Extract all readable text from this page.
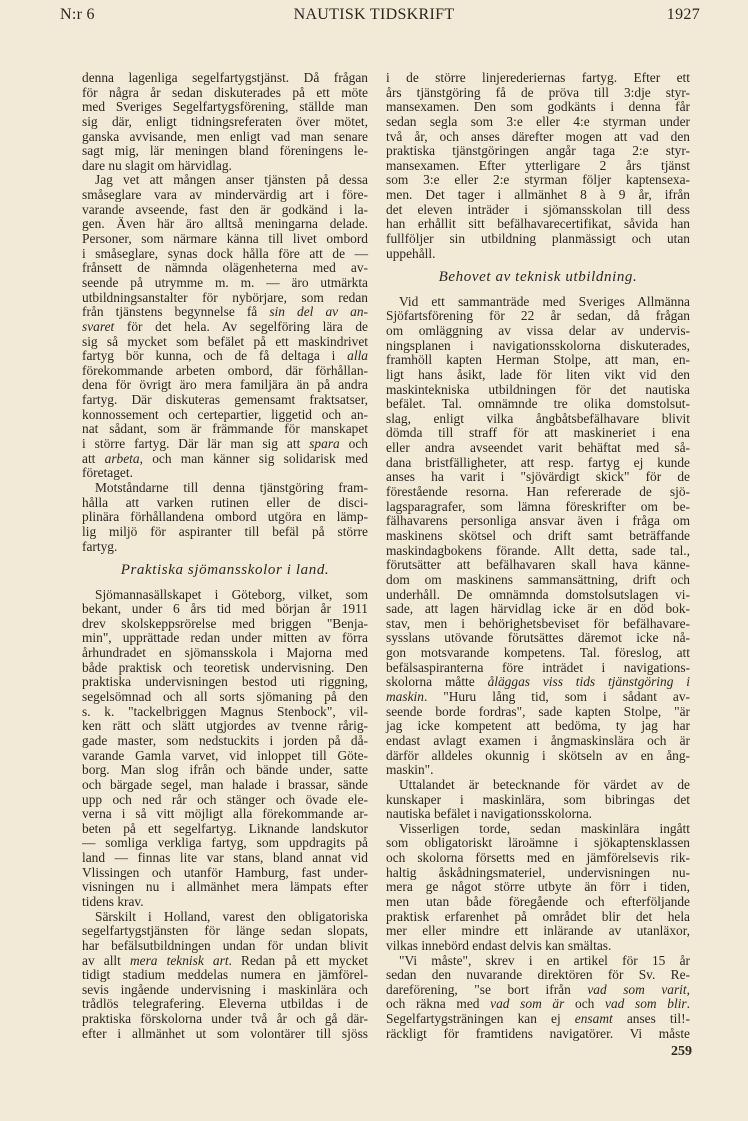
N:r 6	NAUTISK TIDSKRIFT	1927
denna lagenliga segelfartygstjänst. Då frågan
för några år sedan diskuterades på ett möte
med Sveriges Segelfartygsförening, ställde man
sig där, enligt tidningsreferaten över mötet,
ganska avvisande, men enligt vad man senare
sagt mig, lär meningen bland föreningens le-
dare nu slagit om härvidlag.
Jag vet att mången anser tjänsten på dessa
småseglare vara av mindervärdig art i före-
varande avseende, fast den är godkänd i la-
gen. Även här äro alltså meningarna delade.
Personer, som närmare känna till livet ombord
i småseglare, synas dock hålla före att de —
frånsett de nämnda olägenheterna med av-
seende på utrymme m. m. — äro utmärkta
utbildningsanstalter för nybörjare, som redan
från tjänstens begynnelse få sin del av an-
svaret för det hela. Av segelföring lära de
sig så mycket som befälet på ett maskindrivet
fartyg bör kunna, och de få deltaga i alla
förekommande arbeten ombord, där förhållan-
dena för övrigt äro mera familjära än på andra
fartyg. Där diskuteras gemensamt fraktsatser,
konnossement och certepartier, liggetid och an-
nat sådant, som är främmande för manskapet
i större fartyg. Där lär man sig att spara och
att arbeta, och man känner sig solidarisk med
företaget.
Motståndarne till denna tjänstgöring fram-
hålla att varken rutinen eller de disci-
plinära förhållandena ombord utgöra en lämp-
lig miljö för aspiranter till befäl på större
fartyg.
Praktiska sjömansskolor i land.
Sjömannasällskapet i Göteborg, vilket, som
bekant, under 6 års tid med början år 1911
drev skolskeppsrörelse med briggen "Benja-
min", upprättade redan under mitten av förra
århundradet en sjömansskola i Majorna med
både praktisk och teoretisk undervisning. Den
praktiska undervisningen bestod uti riggning,
segelsömnad och all sorts sjömaning på den
s. k. "tackelbriggen Magnus Stenbock", vil-
ken rätt och slätt utgjordes av tvenne rårig-
gade master, som nedstuckits i jorden på då-
varande Gamla varvet, vid inloppet till Göte-
borg. Man slog ifrån och bände under, satte
och bärgade segel, man halade i brassar, sände
upp och ned rår och stänger och övade ele-
verna i så vitt möjligt alla förekommande ar-
beten på ett segelfartyg. Liknande landskutor
— somliga verkliga fartyg, som uppdragits på
land — finnas lite var stans, bland annat vid
Vlissingen och utanför Hamburg, fast under-
visningen nu i allmänhet mera lämpats efter
tidens krav.
Särskilt i Holland, varest den obligatoriska
segelfartygstjänsten för länge sedan slopats,
har befälsutbildningen undan för undan blivit
av allt mera teknisk art. Redan på ett mycket
tidigt stadium meddelas numera en jämförel-
sevis ingående undervisning i maskinlära och
trådlös telegrafering. Eleverna utbildas i de
praktiska förskolorna under två år och gå där-
efter i allmänhet ut som volontärer till sjöss
i de större linjerederiernas fartyg. Efter ett
års tjänstgöring få de pröva till 3:dje styr-
mansexamen. Den som godkänts i denna får
sedan segla som 3:e eller 4:e styrman under
två år, och anses därefter mogen att vad den
praktiska tjänstgöringen angår taga 2:e styr-
mansexamen. Efter ytterligare 2 års tjänst
som 3:e eller 2:e styrman följer kaptensexa-
men. Det tager i allmänhet 8 à 9 år, ifrån
det eleven inträder i sjömansskolan till dess
han erhållit sitt befälhavarecertifikat, såvida han
fullföljer sin utbildning planmässigt och utan
uppehåll.
Behovet av teknisk utbildning.
Vid ett sammanträde med Sveriges Allmänna
Sjöfartsförening för 22 år sedan, då frågan
om omläggning av vissa delar av undervis-
ningsplanen i navigationsskolorna diskuterades,
framhöll kapten Herman Stolpe, att man, en-
ligt hans åsikt, lade för liten vikt vid den
maskintekniska utbildningen för det nautiska
befälet. Tal. omnämnde tre olika domstolsut-
slag, enligt vilka ångbåtsbefälhavare blivit
dömda till straff för att maskineriet i ena
eller andra avseendet varit behäftat med så-
dana bristfälligheter, att resp. fartyg ej kunde
anses ha varit i "sjövärdigt skick" för de
förestående resorna. Han refererade de sjö-
lagsparagrafer, som lämna föreskrifter om be-
fälhavarens personliga ansvar även i fråga om
maskinens skötsel och drift samt beträffande
maskindagbokens förande. Allt detta, sade tal.,
förutsätter att befälhavaren skall hava känne-
dom om maskinens sammansättning, drift och
underhåll. De omnämnda domstolsutslagen vi-
sade, att lagen härvidlag icke är en död bok-
stav, men i behörighetsbeviset för befälhavare-
sysslans utövande förutsättes däremot icke nå-
gon motsvarande kompetens. Tal. föreslog, att
befälsaspiranterna före inträdet i navigations-
skolorna måtte åläggas viss tids tjänstgöring i
maskin. "Huru lång tid, som i sådant av-
seende borde fordras", sade kapten Stolpe, "är
jag icke kompetent att bedöma, ty jag har
endast avlagt examen i ångmaskinslära och är
därför alldeles okunnig i skötseln av en ång-
maskin".
Uttalandet är betecknande för värdet av de
kunskaper i maskinlära, som bibringas det
nautiska befälet i navigationsskolorna.
Visserligen torde, sedan maskinlära ingått
som obligatoriskt läroämne i sjökaptensklassen
och skolorna försetts med en jämförelsevis rik-
haltig åskådningsmateriel, undervisningen nu-
mera ge något större utbyte än förr i tiden,
men utan både föregående och efterföljande
praktisk erfarenhet på området blir det hela
mer eller mindre ett inlärande av utanläxor,
vilkas innebörd endast delvis kan smältas.
"Vi måste", skrev i en artikel för 15 år
sedan den nuvarande direktören för Sv. Re-
dareförening, "se bort ifrån vad som varit,
och räkna med vad som är och vad som blir.
Segelfartygsträningen kan ej ensamt anses til!-
räckligt för framtidens navigatörer. Vi måste
259
